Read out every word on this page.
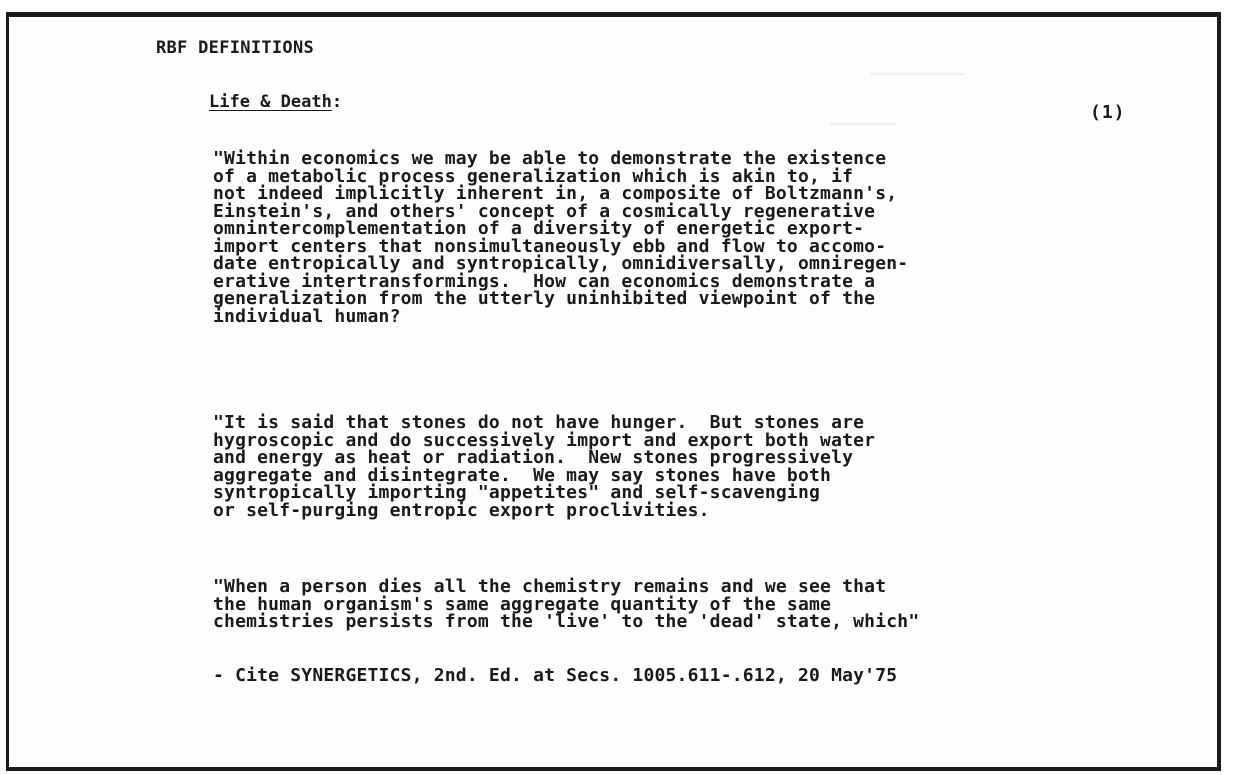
──────────
───────
RBF DEFINITIONS
Life & Death:	(1)
"Within economics we may be able to demonstrate the existence
of a metabolic process generalization which is akin to, if
not indeed implicitly inherent in, a composite of Boltzmann's,
Einstein's, and others' concept of a cosmically regenerative
omnintercomplementation of a diversity of energetic export-
import centers that nonsimultaneously ebb and flow to accomo-
date entropically and syntropically, omnidiversally, omniregen-
erative intertransformings.  How can economics demonstrate a
generalization from the utterly uninhibited viewpoint of the
individual human?
"It is said that stones do not have hunger.  But stones are
hygroscopic and do successively import and export both water
and energy as heat or radiation.  New stones progressively
aggregate and disintegrate.  We may say stones have both
syntropically importing "appetites" and self-scavenging
or self-purging entropic export proclivities.
"When a person dies all the chemistry remains and we see that
the human organism's same aggregate quantity of the same
chemistries persists from the 'live' to the 'dead' state, which"
- Cite SYNERGETICS, 2nd. Ed. at Secs. 1005.611-.612, 20 May'75
